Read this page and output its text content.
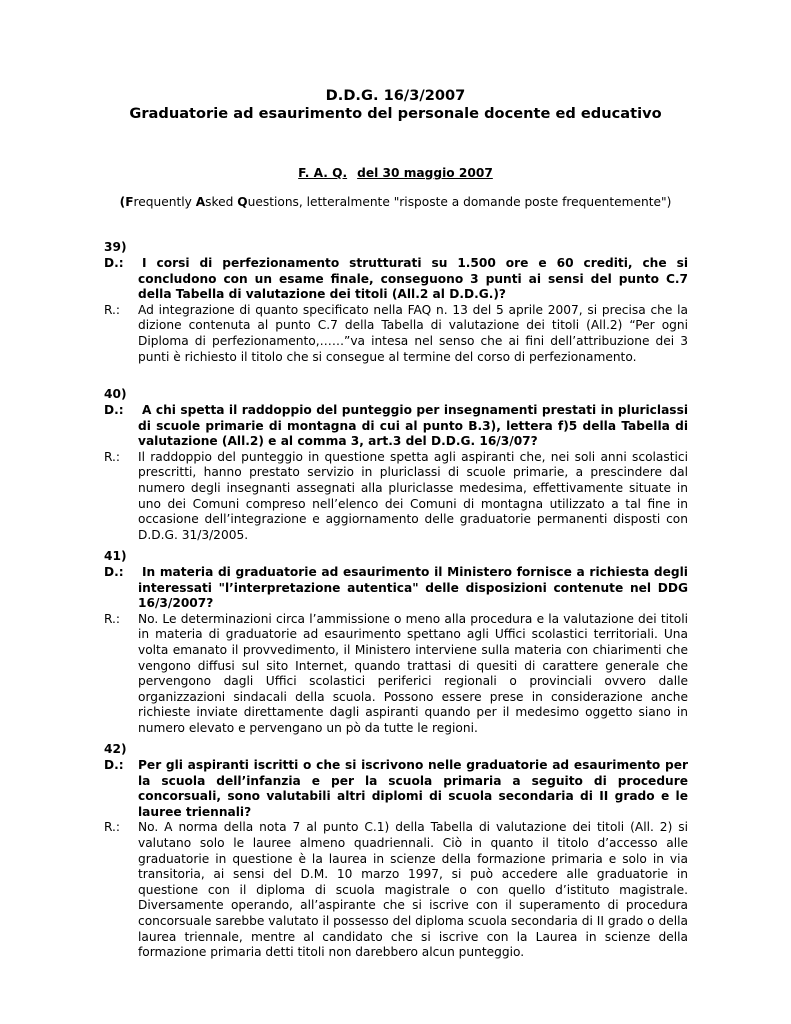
D.D.G. 16/3/2007
Graduatorie ad esaurimento del personale docente ed educativo
F. A. Q. del 30 maggio 2007
(Frequently Asked Questions, letteralmente "risposte a domande poste frequentemente")
39)
D.:	I corsi di perfezionamento strutturati su 1.500 ore e 60 crediti, che si concludono con un esame finale, conseguono 3 punti ai sensi del punto C.7 della Tabella di valutazione dei titoli (All.2 al D.D.G.)?
R.: Ad integrazione di quanto specificato nella FAQ n. 13 del 5 aprile 2007, si precisa che la dizione contenuta al punto C.7 della Tabella di valutazione dei titoli (All.2) “Per ogni Diploma di perfezionamento,……”va intesa nel senso che ai fini dell’attribuzione dei 3 punti è richiesto il titolo che si consegue al termine del corso di perfezionamento.
40)
D.:	A chi spetta il raddoppio del punteggio per insegnamenti prestati in pluriclassi di scuole primarie di montagna di cui al punto B.3), lettera f)5 della Tabella di valutazione (All.2) e al comma 3, art.3 del D.D.G. 16/3/07?
R.: Il raddoppio del punteggio in questione spetta agli aspiranti che, nei soli anni scolastici prescritti, hanno prestato servizio in pluriclassi di scuole primarie, a prescindere dal numero degli insegnanti assegnati alla pluriclasse medesima, effettivamente situate in uno dei Comuni compreso nell’elenco dei Comuni di montagna utilizzato a tal fine in occasione dell’integrazione e aggiornamento delle graduatorie permanenti disposti con D.D.G. 31/3/2005.
41)
D.:	In materia di graduatorie ad esaurimento il Ministero fornisce a richiesta degli interessati "l’interpretazione autentica" delle disposizioni contenute nel DDG 16/3/2007?
R.: No. Le determinazioni circa l’ammissione o meno alla procedura e la valutazione dei titoli in materia di graduatorie ad esaurimento spettano agli Uffici scolastici territoriali. Una volta emanato il provvedimento, il Ministero interviene sulla materia con chiarimenti che vengono diffusi sul sito Internet, quando trattasi di quesiti di carattere generale che pervengono dagli Uffici scolastici periferici regionali o provinciali ovvero dalle organizzazioni sindacali della scuola. Possono essere prese in considerazione anche richieste inviate direttamente dagli aspiranti quando per il medesimo oggetto siano in numero elevato e pervengano un pò da tutte le regioni.
42)
D.: Per gli aspiranti iscritti o che si iscrivono nelle graduatorie ad esaurimento per la scuola dell’infanzia e per la scuola primaria a seguito di procedure concorsuali, sono valutabili altri diplomi di scuola secondaria di II grado e le lauree triennali?
R.: No. A norma della nota 7 al punto C.1) della Tabella di valutazione dei titoli (All. 2) si valutano solo le lauree almeno quadriennali. Ciò in quanto il titolo d’accesso alle graduatorie in questione è la laurea in scienze della formazione primaria e solo in via transitoria, ai sensi del D.M. 10 marzo 1997, si può accedere alle graduatorie in questione con il diploma di scuola magistrale o con quello d’istituto magistrale. Diversamente operando, all’aspirante che si iscrive con il superamento di procedura concorsuale sarebbe valutato il possesso del diploma scuola secondaria di II grado o della laurea triennale, mentre al candidato che si iscrive con la Laurea in scienze della formazione primaria detti titoli non darebbero alcun punteggio.
